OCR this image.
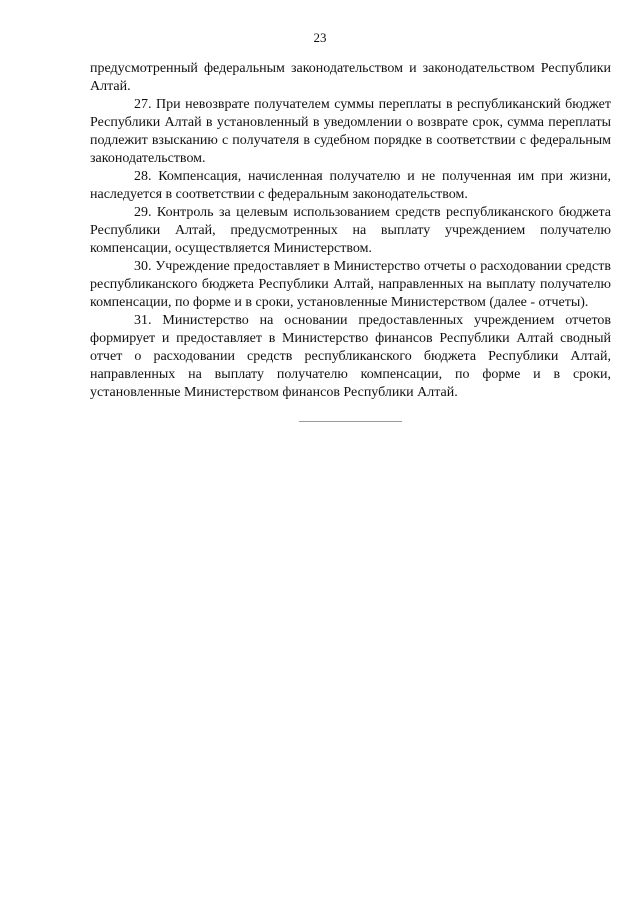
23

предусмотренный федеральным законодательством и законодательством Республики Алтай.

27. При невозврате получателем суммы переплаты в республиканский бюджет Республики Алтай в установленный в уведомлении о возврате срок, сумма переплаты подлежит взысканию с получателя в судебном порядке в соответствии с федеральным законодательством.

28. Компенсация, начисленная получателю и не полученная им при жизни, наследуется в соответствии с федеральным законодательством.

29. Контроль за целевым использованием средств республиканского бюджета Республики Алтай, предусмотренных на выплату учреждением получателю компенсации, осуществляется Министерством.

30. Учреждение предоставляет в Министерство отчеты о расходовании средств республиканского бюджета Республики Алтай, направленных на выплату получателю компенсации, по форме и в сроки, установленные Министерством (далее - отчеты).

31. Министерство на основании предоставленных учреждением отчетов формирует и предоставляет в Министерство финансов Республики Алтай сводный отчет о расходовании средств республиканского бюджета Республики Алтай, направленных на выплату получателю компенсации, по форме и в сроки, установленные Министерством финансов Республики Алтай.
